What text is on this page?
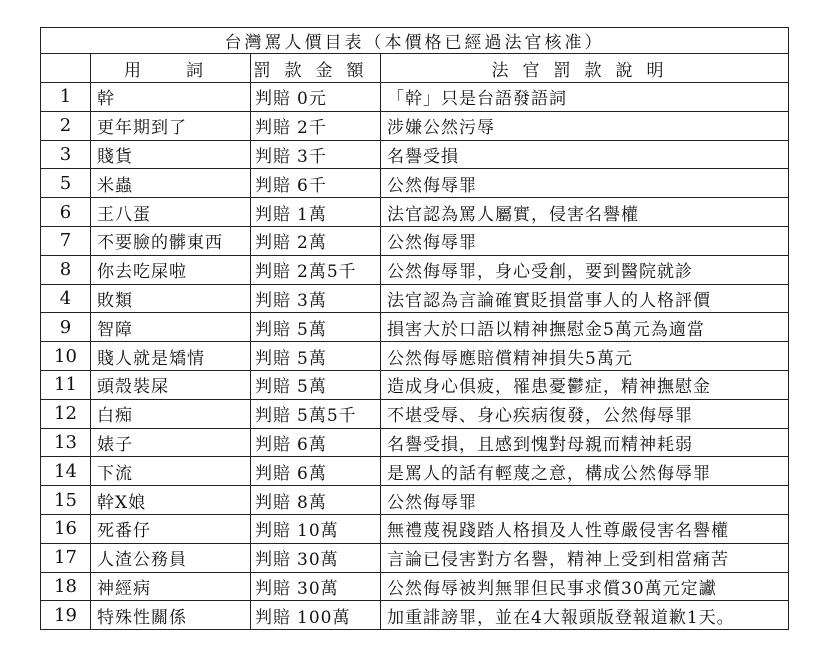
台灣罵人價目表（本價格已經過法官核准）			
	用　詞	罰款金額	法官罰款說明
1	幹	判賠 0元	「幹」只是台語發語詞
2	更年期到了	判賠 2千	涉嫌公然污辱
3	賤貨	判賠 3千	名譽受損
5	米蟲	判賠 6千	公然侮辱罪
6	王八蛋	判賠 1萬	法官認為罵人屬實，侵害名譽權
7	不要臉的髒東西	判賠 2萬	公然侮辱罪
8	你去吃屎啦	判賠 2萬5千	公然侮辱罪，身心受創，要到醫院就診
4	敗類	判賠 3萬	法官認為言論確實貶損當事人的人格評價
9	智障	判賠 5萬	損害大於口語以精神撫慰金5萬元為適當
10	賤人就是矯情	判賠 5萬	公然侮辱應賠償精神損失5萬元
11	頭殼裝屎	判賠 5萬	造成身心俱疲，罹患憂鬱症，精神撫慰金
12	白痴	判賠 5萬5千	不堪受辱、身心疾病復發，公然侮辱罪
13	婊子	判賠 6萬	名譽受損，且感到愧對母親而精神耗弱
14	下流	判賠 6萬	是罵人的話有輕蔑之意，構成公然侮辱罪
15	幹X娘	判賠 8萬	公然侮辱罪
16	死番仔	判賠 10萬	無禮蔑視踐踏人格損及人性尊嚴侵害名譽權
17	人渣公務員	判賠 30萬	言論已侵害對方名譽，精神上受到相當痛苦
18	神經病	判賠 30萬	公然侮辱被判無罪但民事求償30萬元定讞
19	特殊性關係	判賠 100萬	加重誹謗罪，並在4大報頭版登報道歉1天。
